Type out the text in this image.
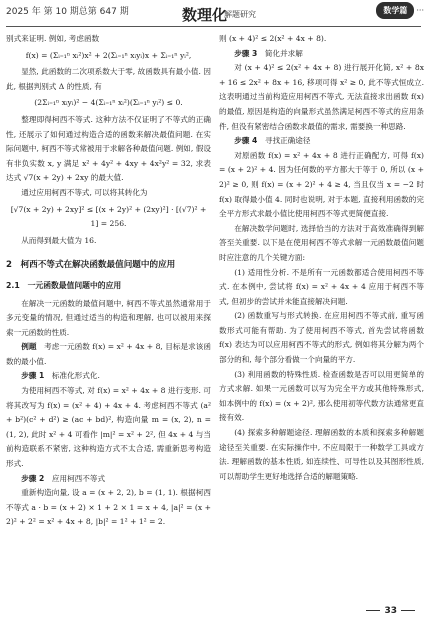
2025 年 第 10 期总第 647 期	数理化
解题研究	数学篇	···

别式来证明. 例如, 考虑函数

f(x) = (Σᵢ₌₁ⁿ xᵢ²)x² + 2(Σᵢ₌₁ⁿ xᵢyᵢ)x + Σᵢ₌₁ⁿ yᵢ²,

显然, 此函数的二次项系数大于零, 故函数具有最小值. 因此, 根据判别式 Δ 的性质, 有

(2Σᵢ₌₁ⁿ xᵢyᵢ)² − 4(Σᵢ₌₁ⁿ xᵢ²)(Σᵢ₌₁ⁿ yᵢ²) ≤ 0.

整理即得柯西不等式. 这种方法不仅证明了不等式的正确性, 还展示了如何通过构造合适的函数来解决最值问题. 在实际问题中, 柯西不等式常被用于求解各种最值问题. 例如, 假设有非负实数 x, y 满足 x² + 4y² + 4xy + 4x²y² = 32, 求表达式 √7(x + 2y) + 2xy 的最大值.

通过应用柯西不等式, 可以将其转化为

[√7(x + 2y) + 2xy]² ≤ [(x + 2y)² + (2xy)²] · [(√7)² + 1] = 256.

从而得到最大值为 16.

2　柯西不等式在解决函数最值问题中的应用
2.1　一元函数最值问题中的应用

在解决一元函数的最值问题中, 柯西不等式虽然通常用于多元变量的情况, 但通过适当的构造和理解, 也可以被用来探索一元函数的性质.

例题　 考虑一元函数 f(x) = x² + 4x + 8, 目标是求该函数的最小值.

步骤 1　 标准化形式化.

为使用柯西不等式, 对 f(x) = x² + 4x + 8 进行变形. 可将其改写为 f(x) = (x² + 4) + 4x + 4. 考虑柯西不等式 (a² + b²)(c² + d²) ≥ (ac + bd)², 构造向量 m = (x, 2), n = (1, 2), 此时 x² + 4 可看作 |m|² = x² + 2², 但 4x + 4 与当前构造联系不紧密, 这种构造方式不太合适, 需重新思考构造形式.

步骤 2　 应用柯西不等式

重新构造向量, 设 a = (x + 2, 2), b = (1, 1). 根据柯西不等式 a · b = (x + 2) × 1 + 2 × 1 = x + 4, |a|² = (x + 2)² + 2² = x² + 4x + 8, |b|² = 1² + 1² = 2.

则 (x + 4)² ≤ 2(x² + 4x + 8).

步骤 3　 简化并求解

对 (x + 4)² ≤ 2(x² + 4x + 8) 进行展开化简, x² + 8x + 16 ≤ 2x² + 8x + 16, 移项可得 x² ≥ 0, 此不等式恒成立. 这表明通过当前构造应用柯西不等式, 无法直接求出函数 f(x) 的最值, 原因是构造的向量形式虽然满足柯西不等式的应用条件, 但没有紧密结合函数求最值的需求, 需要换一种思路.

步骤 4　 寻找正确途径

对原函数 f(x) = x² + 4x + 8 进行正确配方, 可得 f(x) = (x + 2)² + 4. 因为任何数的平方都大于等于 0, 所以 (x + 2)² ≥ 0, 则 f(x) = (x + 2)² + 4 ≥ 4, 当且仅当 x = −2 时 f(x) 取得最小值 4. 同时也说明, 对于本题, 直接利用函数的完全平方形式求最小值比使用柯西不等式更简便直接.

在解决数学问题时, 选择恰当的方法对于高效准确得到解答至关重要. 以下是在使用柯西不等式求解一元函数最值问题时应注意的几个关键方面:

(1) 适用性分析. 不是所有一元函数都适合使用柯西不等式. 在本例中, 尝试将 f(x) = x² + 4x + 4 应用于柯西不等式, 但初步的尝试并未能直接解决问题.

(2) 函数重写与形式转换. 在应用柯西不等式前, 重写函数形式可能有帮助. 为了使用柯西不等式, 首先尝试将函数 f(x) 表达为可以应用柯西不等式的形式, 例如将其分解为两个部分的和, 每个部分看做一个向量的平方.

(3) 利用函数的特殊性质. 检查函数是否可以用更简单的方式求解. 如果一元函数可以写为完全平方或其他特殊形式, 如本例中的 f(x) = (x + 2)², 那么使用初等代数方法通常更直接有效.

(4) 探索多种解题途径. 理解函数的本质和探索多种解题途径至关重要. 在实际操作中, 不应局限于一种数学工具或方法. 理解函数的基本性质, 如连续性、可导性以及其图形性质, 可以帮助学生更好地选择合适的解题策略.

33
